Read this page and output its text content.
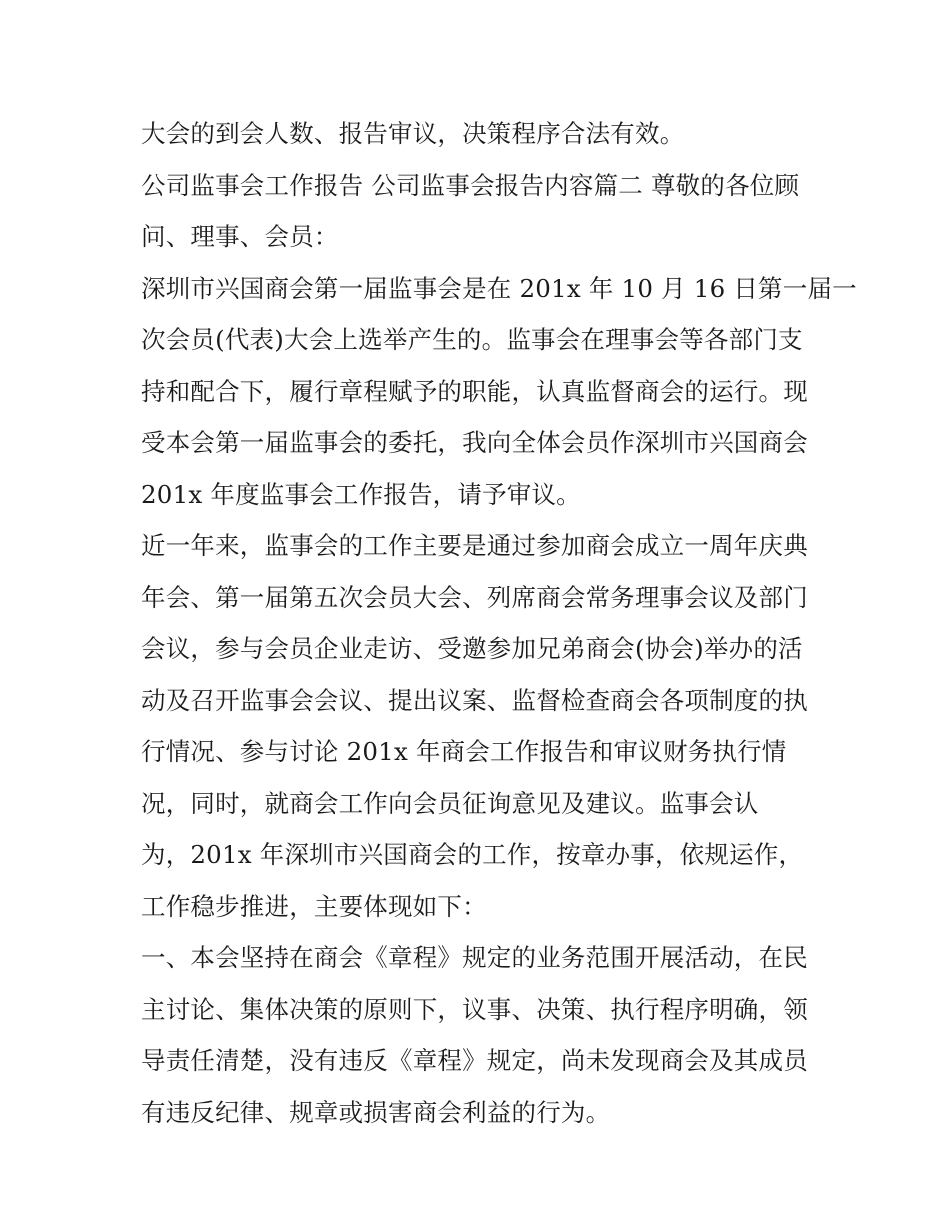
大会的到会人数、报告审议，决策程序合法有效。
公司监事会工作报告 公司监事会报告内容篇二 尊敬的各位顾
问、理事、会员：
深圳市兴国商会第一届监事会是在 201x 年 10 月 16 日第一届一
次会员(代表)大会上选举产生的。监事会在理事会等各部门支
持和配合下，履行章程赋予的职能，认真监督商会的运行。现
受本会第一届监事会的委托，我向全体会员作深圳市兴国商会
201x 年度监事会工作报告，请予审议。
近一年来，监事会的工作主要是通过参加商会成立一周年庆典
年会、第一届第五次会员大会、列席商会常务理事会议及部门
会议，参与会员企业走访、受邀参加兄弟商会(协会)举办的活
动及召开监事会会议、提出议案、监督检查商会各项制度的执
行情况、参与讨论 201x 年商会工作报告和审议财务执行情
况，同时，就商会工作向会员征询意见及建议。监事会认
为，201x 年深圳市兴国商会的工作，按章办事，依规运作，
工作稳步推进，主要体现如下：
一、本会坚持在商会《章程》规定的业务范围开展活动，在民
主讨论、集体决策的原则下，议事、决策、执行程序明确，领
导责任清楚，没有违反《章程》规定，尚未发现商会及其成员
有违反纪律、规章或损害商会利益的行为。
